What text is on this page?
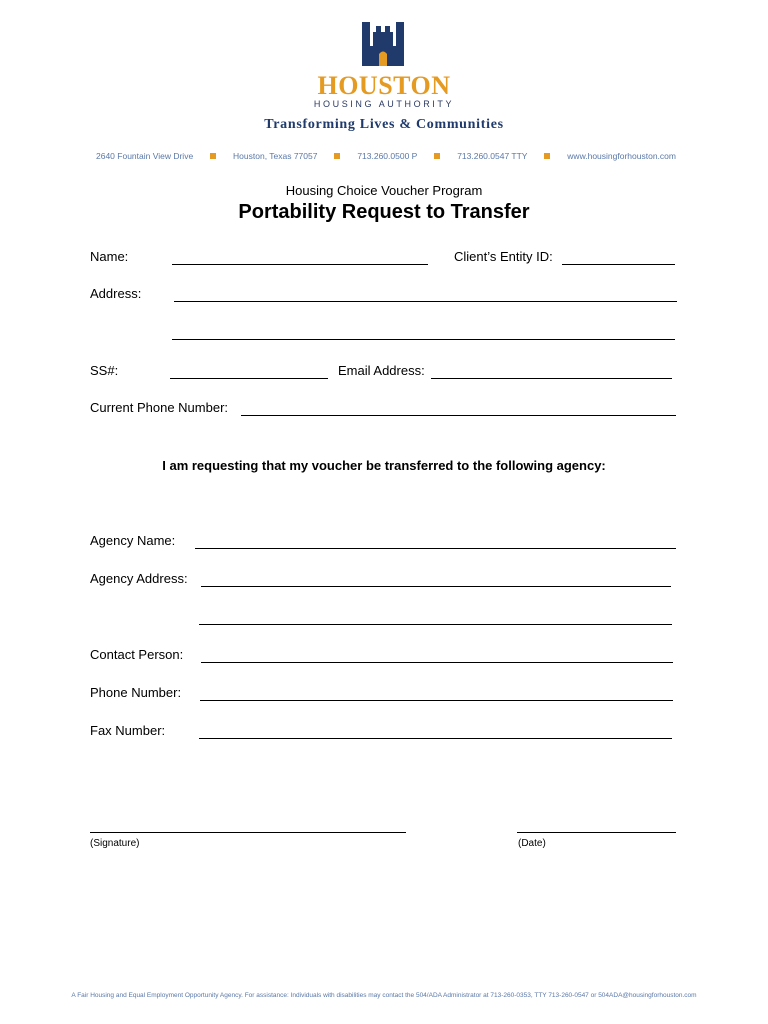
HOUSTON
HOUSING AUTHORITY
Transforming Lives & Communities
2640 Fountain View Drive	Houston, Texas 77057	713.260.0500 P	713.260.0547 TTY	www.housingforhouston.com
Housing Choice Voucher Program
Portability Request to Transfer
Name:	Client’s Entity ID:
Address:
SS#:	Email Address:
Current Phone Number:
I am requesting that my voucher be transferred to the following agency:
Agency Name:
Agency Address:
Contact Person:
Phone Number:
Fax Number:
(Signature)	(Date)
A Fair Housing and Equal Employment Opportunity Agency. For assistance: Individuals with disabilities may contact the 504/ADA Administrator at 713-260-0353, TTY 713-260-0547 or 504ADA@housingforhouston.com
